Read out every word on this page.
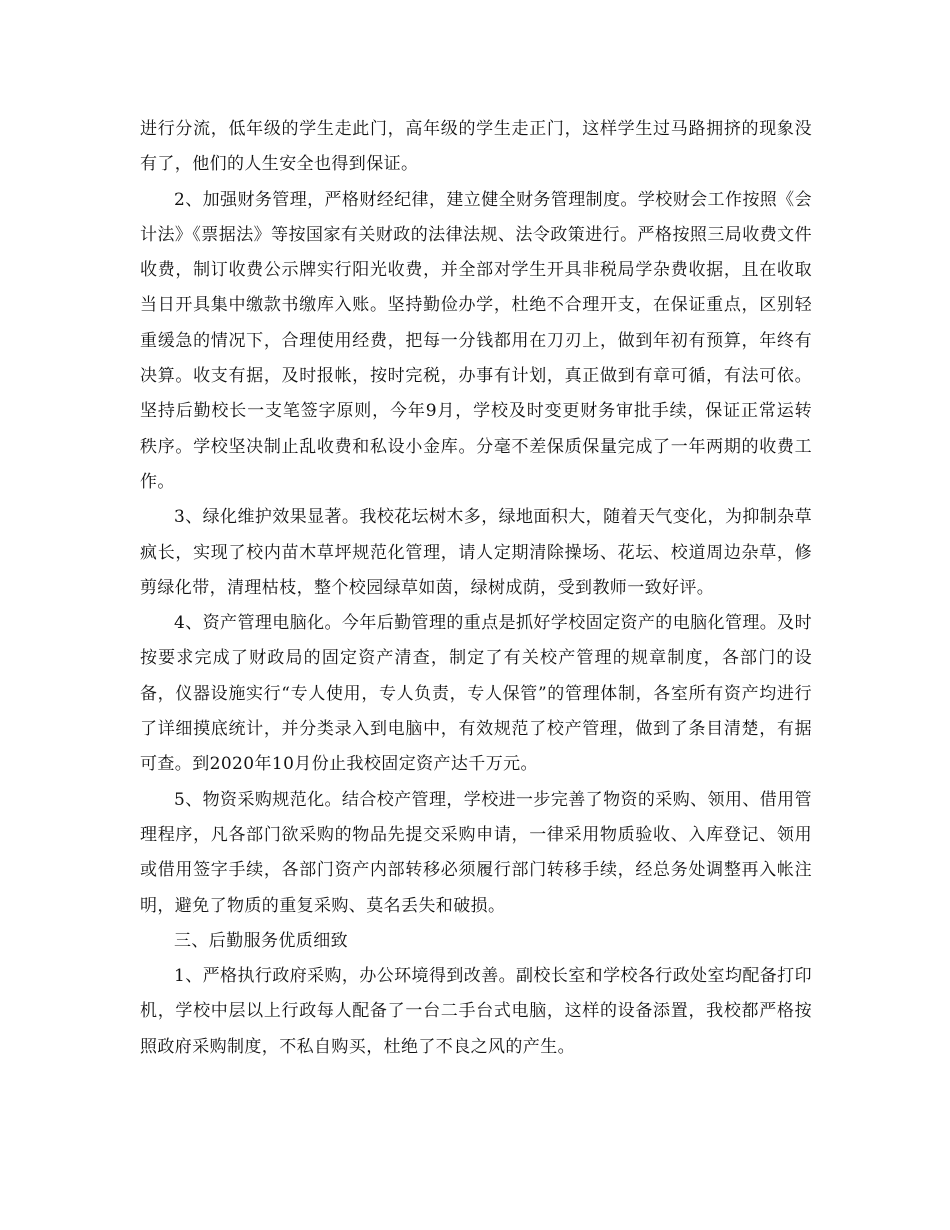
进行分流，低年级的学生走此门，高年级的学生走正门，这样学生过马路拥挤的现象没有了，他们的人生安全也得到保证。

2、加强财务管理，严格财经纪律，建立健全财务管理制度。学校财会工作按照《会计法》《票据法》等按国家有关财政的法律法规、法令政策进行。严格按照三局收费文件收费，制订收费公示牌实行阳光收费，并全部对学生开具非税局学杂费收据，且在收取当日开具集中缴款书缴库入账。坚持勤俭办学，杜绝不合理开支，在保证重点，区别轻重缓急的情况下，合理使用经费，把每一分钱都用在刀刃上，做到年初有预算，年终有决算。收支有据，及时报帐，按时完税，办事有计划，真正做到有章可循，有法可依。坚持后勤校长一支笔签字原则，今年9月，学校及时变更财务审批手续，保证正常运转秩序。学校坚决制止乱收费和私设小金库。分毫不差保质保量完成了一年两期的收费工作。

3、绿化维护效果显著。我校花坛树木多，绿地面积大，随着天气变化，为抑制杂草疯长，实现了校内苗木草坪规范化管理，请人定期清除操场、花坛、校道周边杂草，修剪绿化带，清理枯枝，整个校园绿草如茵，绿树成荫，受到教师一致好评。

4、资产管理电脑化。今年后勤管理的重点是抓好学校固定资产的电脑化管理。及时按要求完成了财政局的固定资产清查，制定了有关校产管理的规章制度，各部门的设备，仪器设施实行“专人使用，专人负责，专人保管”的管理体制，各室所有资产均进行了详细摸底统计，并分类录入到电脑中，有效规范了校产管理，做到了条目清楚，有据可查。到2020年10月份止我校固定资产达千万元。

5、物资采购规范化。结合校产管理，学校进一步完善了物资的采购、领用、借用管理程序，凡各部门欲采购的物品先提交采购申请，一律采用物质验收、入库登记、领用或借用签字手续，各部门资产内部转移必须履行部门转移手续，经总务处调整再入帐注明，避免了物质的重复采购、莫名丢失和破损。

三、后勤服务优质细致

1、严格执行政府采购，办公环境得到改善。副校长室和学校各行政处室均配备打印机，学校中层以上行政每人配备了一台二手台式电脑，这样的设备添置，我校都严格按照政府采购制度，不私自购买，杜绝了不良之风的产生。
